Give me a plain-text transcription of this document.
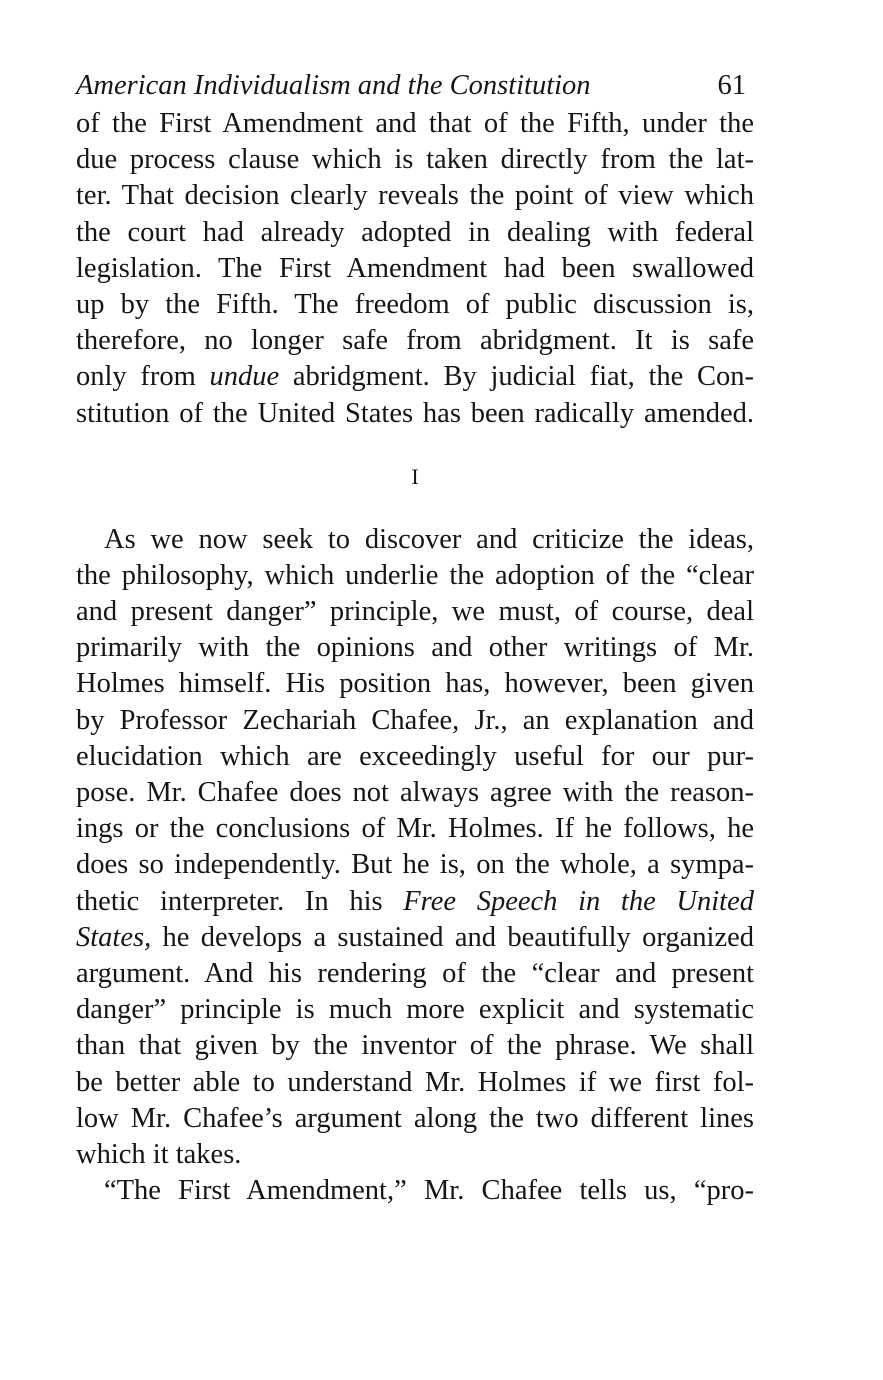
American Individualism and the Constitution	61
of the First Amendment and that of the Fifth, under the
due process clause which is taken directly from the lat-
ter. That decision clearly reveals the point of view which
the court had already adopted in dealing with federal
legislation. The First Amendment had been swallowed
up by the Fifth. The freedom of public discussion is,
therefore, no longer safe from abridgment. It is safe
only from undue abridgment. By judicial fiat, the Con-
stitution of the United States has been radically amended.
I
As we now seek to discover and criticize the ideas,
the philosophy, which underlie the adoption of the “clear
and present danger” principle, we must, of course, deal
primarily with the opinions and other writings of Mr.
Holmes himself. His position has, however, been given
by Professor Zechariah Chafee, Jr., an explanation and
elucidation which are exceedingly useful for our pur-
pose. Mr. Chafee does not always agree with the reason-
ings or the conclusions of Mr. Holmes. If he follows, he
does so independently. But he is, on the whole, a sympa-
thetic interpreter. In his Free Speech in the United
States, he develops a sustained and beautifully organized
argument. And his rendering of the “clear and present
danger” principle is much more explicit and systematic
than that given by the inventor of the phrase. We shall
be better able to understand Mr. Holmes if we first fol-
low Mr. Chafee’s argument along the two different lines
which it takes.
“The First Amendment,” Mr. Chafee tells us, “pro-
